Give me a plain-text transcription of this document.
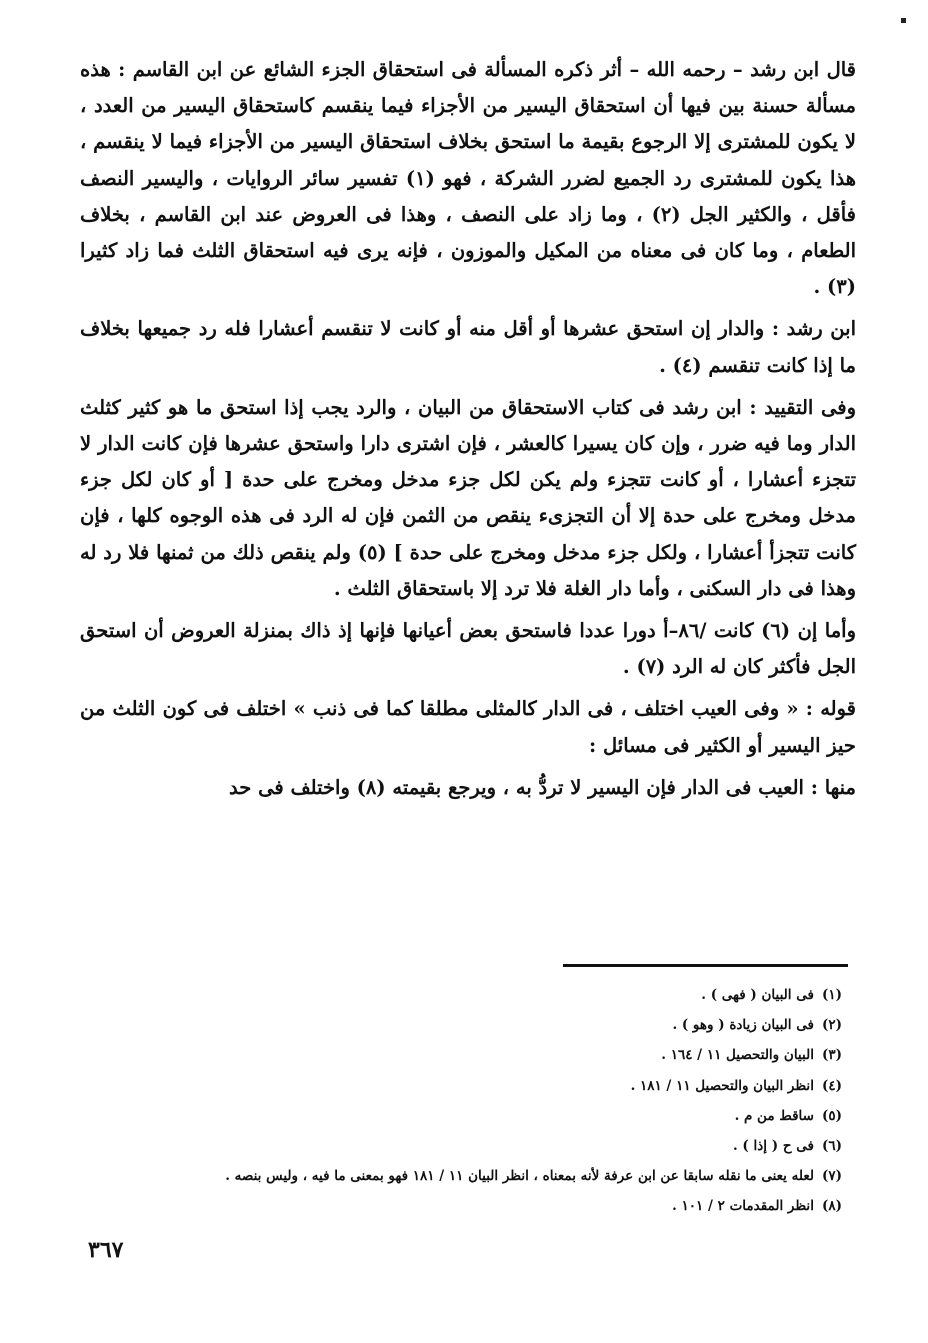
قال ابن رشد – رحمه الله – أثر ذكره المسألة فى استحقاق الجزء الشائع عن ابن القاسم : هذه مسألة حسنة بين فيها أن استحقاق اليسير من الأجزاء فيما ينقسم كاستحقاق اليسير من العدد ، لا يكون للمشترى إلا الرجوع بقيمة ما استحق بخلاف استحقاق اليسير من الأجزاء فيما لا ينقسم ، هذا يكون للمشترى رد الجميع لضرر الشركة ، فهو (١) تفسير سائر الروايات ، واليسير النصف فأقل ، والكثير الجل (٢) ، وما زاد على النصف ، وهذا فى العروض عند ابن القاسم ، بخلاف الطعام ، وما كان فى معناه من المكيل والموزون ، فإنه يرى فيه استحقاق الثلث فما زاد كثيرا (٣) .

ابن رشد : والدار إن استحق عشرها أو أقل منه أو كانت لا تنقسم أعشارا فله رد جميعها بخلاف ما إذا كانت تنقسم (٤) .

وفى التقييد : ابن رشد فى كتاب الاستحقاق من البيان ، والرد يجب إذا استحق ما هو كثير كثلث الدار وما فيه ضرر ، وإن كان يسيرا كالعشر ، فإن اشترى دارا واستحق عشرها فإن كانت الدار لا تتجزء أعشارا ، أو كانت تتجزء ولم يكن لكل جزء مدخل ومخرج على حدة [ أو كان لكل جزء مدخل ومخرج على حدة إلا أن التجزىء ينقص من الثمن فإن له الرد فى هذه الوجوه كلها ، فإن كانت تتجزأ أعشارا ، ولكل جزء مدخل ومخرج على حدة ] (٥) ولم ينقص ذلك من ثمنها فلا رد له وهذا فى دار السكنى ، وأما دار الغلة فلا ترد إلا باستحقاق الثلث .

وأما إن (٦) كانت /٨٦–أ دورا عددا فاستحق بعض أعيانها فإنها إذ ذاك بمنزلة العروض أن استحق الجل فأكثر كان له الرد (٧) .

قوله : « وفى العيب اختلف ، فى الدار كالمثلى مطلقا كما فى ذنب » اختلف فى كون الثلث من حيز اليسير أو الكثير فى مسائل :

منها : العيب فى الدار فإن اليسير لا تردُّ به ، ويرجع بقيمته (٨) واختلف فى حد

(١)فى البيان ( فهى ) .
(٢)فى البيان زيادة ( وهو ) .
(٣)البيان والتحصيل ١١ / ١٦٤ .
(٤)انظر البيان والتحصيل ١١ / ١٨١ .
(٥)ساقط من م .
(٦)فى ح ( إذا ) .
(٧)لعله يعنى ما نقله سابقا عن ابن عرفة لأنه بمعناه ، انظر البيان ١١ / ١٨١ فهو بمعنى ما فيه ، وليس بنصه .
(٨)انظر المقدمات ٢ / ١٠١ .
٣٦٧
